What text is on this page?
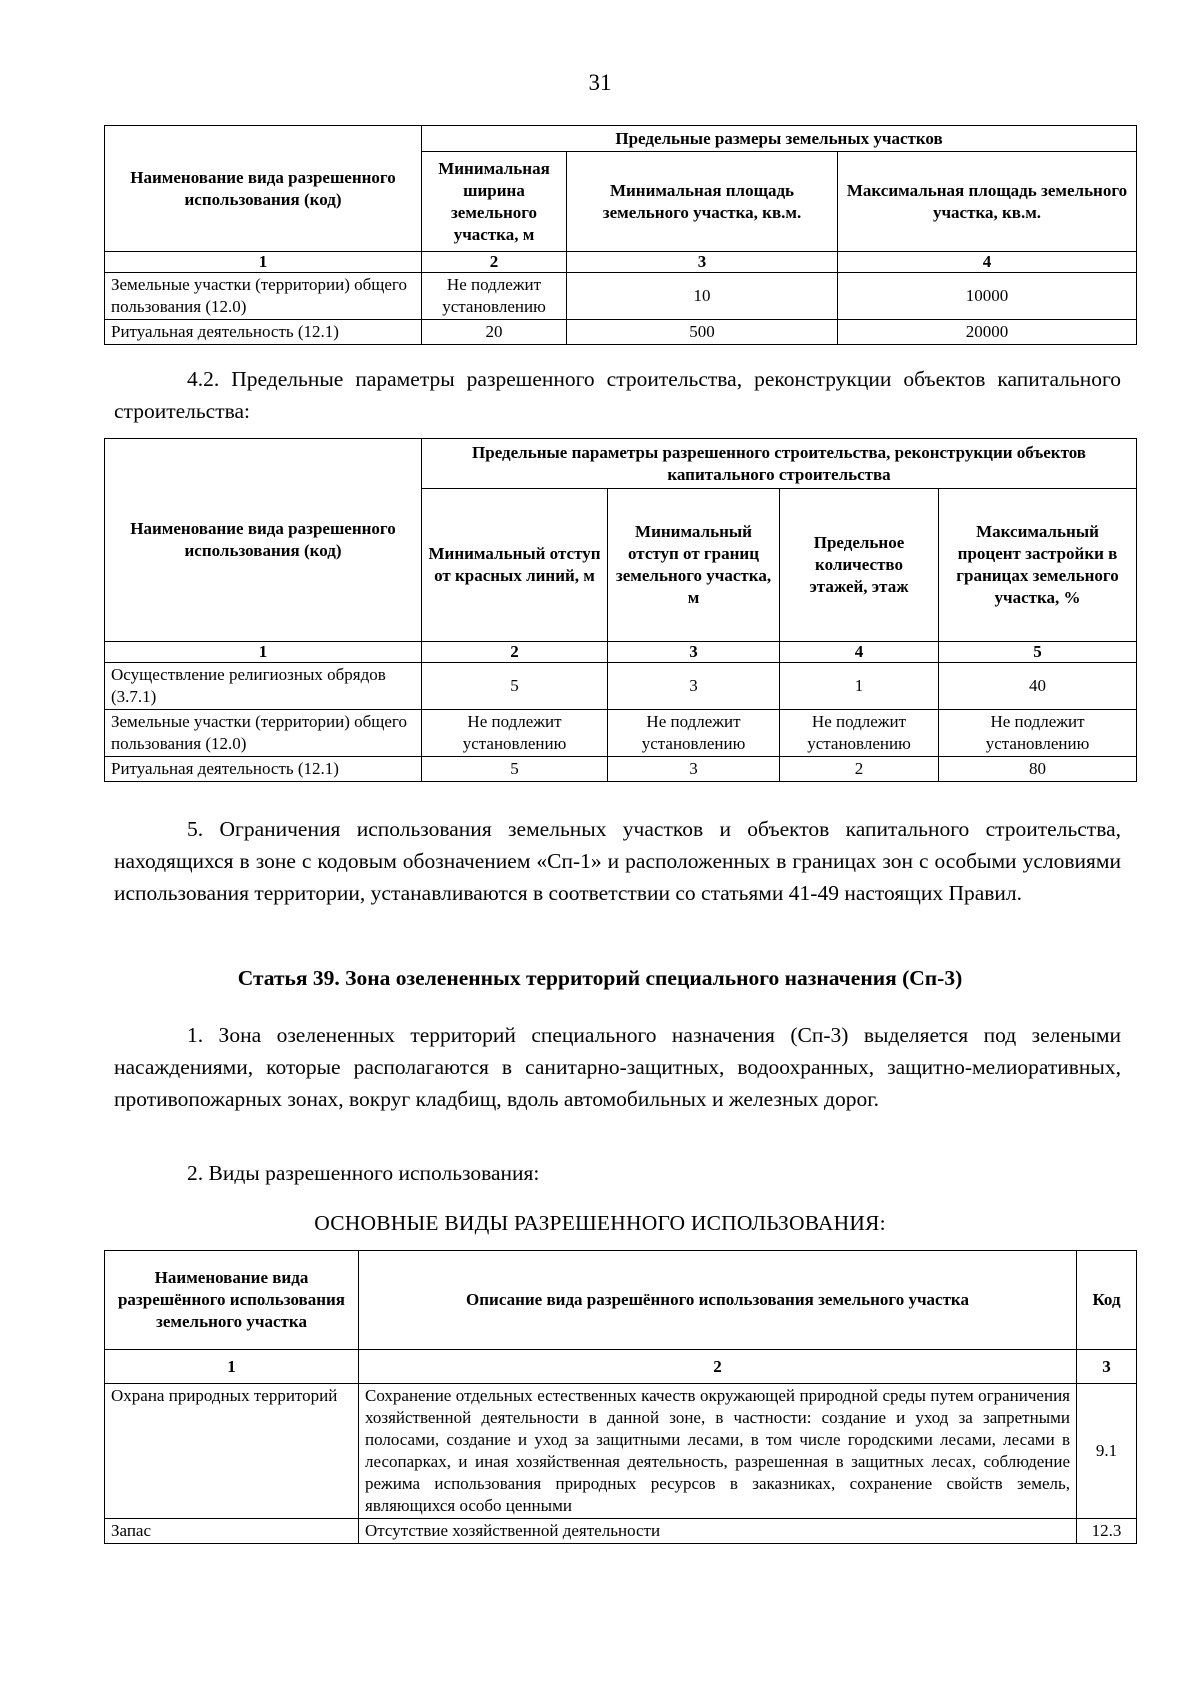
31
Наименование вида разрешенного использования (код)	Предельные размеры земельных участков		
	Минимальная ширина земельного участка, м	Минимальная площадь земельного участка, кв.м.	Максимальная площадь земельного участка, кв.м.
1	2	3	4
Земельные участки (территории) общего пользования (12.0)	Не подлежит установлению	10	10000
Ритуальная деятельность (12.1)	20	500	20000
4.2. Предельные параметры разрешенного строительства, реконструкции объектов капитального строительства:
Наименование вида разрешенного использования (код)	Предельные параметры разрешенного строительства, реконструкции объектов капитального строительства			
	Минимальный отступ от красных линий, м	Минимальный отступ от границ земельного участка, м	Предельное количество этажей, этаж	Максимальный процент застройки в границах земельного участка, %
1	2	3	4	5
Осуществление религиозных обрядов (3.7.1)	5	3	1	40
Земельные участки (территории) общего пользования (12.0)	Не подлежит установлению	Не подлежит установлению	Не подлежит установлению	Не подлежит установлению
Ритуальная деятельность (12.1)	5	3	2	80
5. Ограничения использования земельных участков и объектов капитального строительства, находящихся в зоне с кодовым обозначением «Сп-1» и расположенных в границах зон с особыми условиями использования территории, устанавливаются в соответствии со статьями 41-49 настоящих Правил.
Статья 39. Зона озелененных территорий специального назначения (Сп-3)
1. Зона озелененных территорий специального назначения (Сп-3) выделяется под зелеными насаждениями, которые располагаются в санитарно-защитных, водоохранных, защитно-мелиоративных, противопожарных зонах, вокруг кладбищ, вдоль автомобильных и железных дорог.
2. Виды разрешенного использования:
ОСНОВНЫЕ ВИДЫ РАЗРЕШЕННОГО ИСПОЛЬЗОВАНИЯ:
Наименование вида разрешённого использования земельного участка	Описание вида разрешённого использования земельного участка	Код
1	2	3
Охрана природных территорий	Сохранение отдельных естественных качеств окружающей природной среды путем ограничения хозяйственной деятельности в данной зоне, в частности: создание и уход за запретными полосами, создание и уход за защитными лесами, в том числе городскими лесами, лесами в лесопарках, и иная хозяйственная деятельность, разрешенная в защитных лесах, соблюдение режима использования природных ресурсов в заказниках, сохранение свойств земель, являющихся особо ценными	9.1
Запас	Отсутствие хозяйственной деятельности	12.3
